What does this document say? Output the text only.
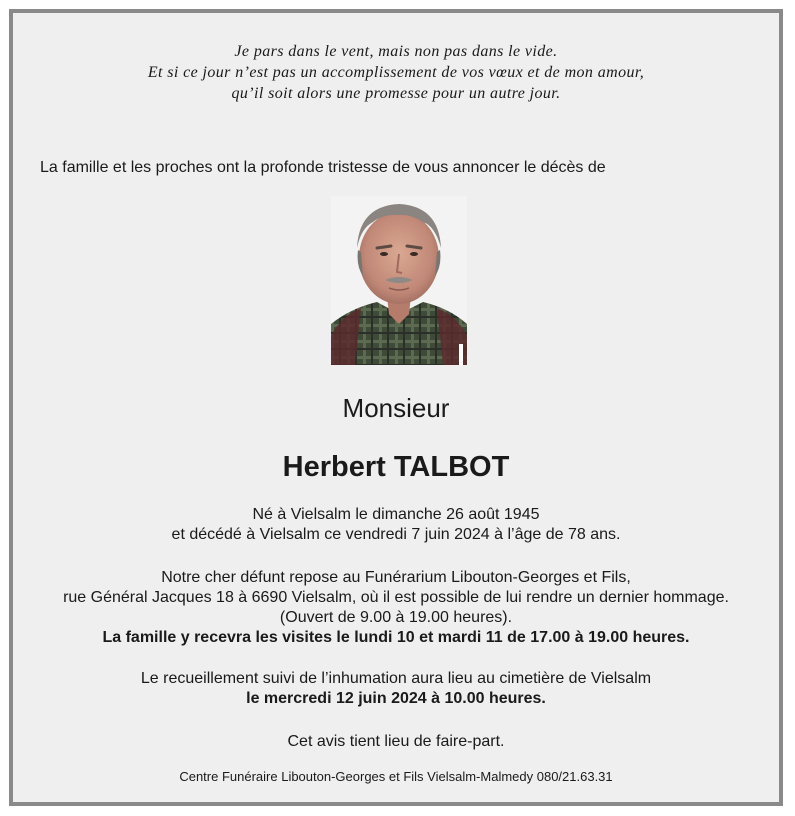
Je pars dans le vent, mais non pas dans le vide.
Et si ce jour n’est pas un accomplissement de vos vœux et de mon amour,
qu’il soit alors une promesse pour un autre jour.
La famille et les proches ont la profonde tristesse de vous annoncer le décès de
Monsieur
Herbert TALBOT
Né à Vielsalm le dimanche 26 août 1945
et décédé à Vielsalm ce vendredi 7 juin 2024 à l’âge de 78 ans.
Notre cher défunt repose au Funérarium Libouton-Georges et Fils,
rue Général Jacques 18 à 6690 Vielsalm, où il est possible de lui rendre un dernier hommage.
(Ouvert de 9.00 à 19.00 heures).
La famille y recevra les visites le lundi 10 et mardi 11 de 17.00 à 19.00 heures.
Le recueillement suivi de l’inhumation aura lieu au cimetière de Vielsalm
le mercredi 12 juin 2024 à 10.00 heures.
Cet avis tient lieu de faire-part.
Centre Funéraire Libouton-Georges et Fils Vielsalm-Malmedy 080/21.63.31
